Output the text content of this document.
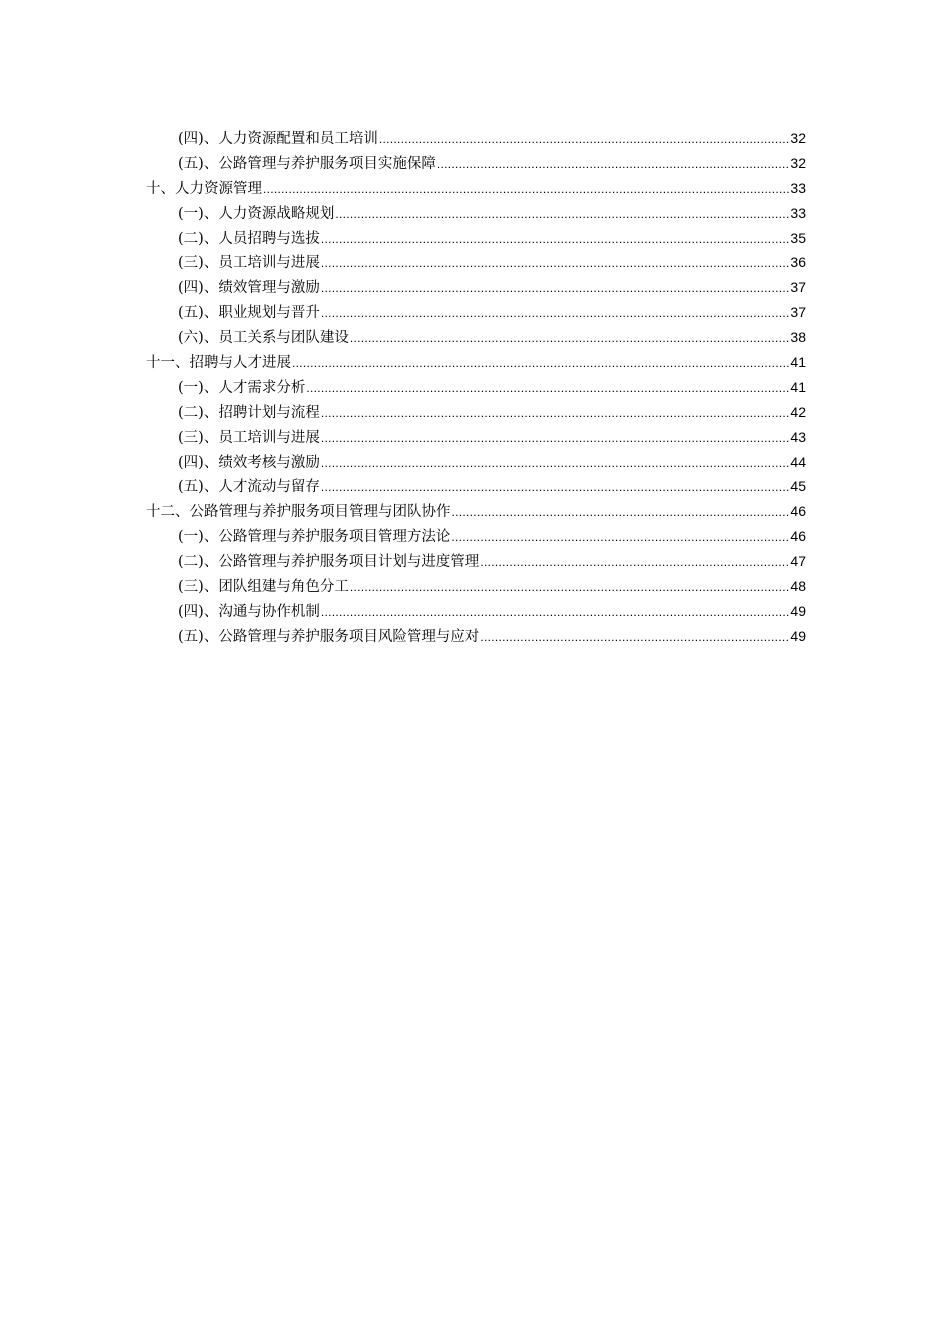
(四)、人力资源配置和员工培训 .....	32
(五)、公路管理与养护服务项目实施保障 .....	32
十、人力资源管理 .....	33
(一)、人力资源战略规划 .....	33
(二)、人员招聘与选拔 .....	35
(三)、员工培训与进展 .....	36
(四)、绩效管理与激励 .....	37
(五)、职业规划与晋升 .....	37
(六)、员工关系与团队建设 .....	38
十一、招聘与人才进展 .....	41
(一)、人才需求分析 .....	41
(二)、招聘计划与流程 .....	42
(三)、员工培训与进展 .....	43
(四)、绩效考核与激励 .....	44
(五)、人才流动与留存 .....	45
十二、公路管理与养护服务项目管理与团队协作 .....	46
(一)、公路管理与养护服务项目管理方法论 .....	46
(二)、公路管理与养护服务项目计划与进度管理 .....	47
(三)、团队组建与角色分工 .....	48
(四)、沟通与协作机制 .....	49
(五)、公路管理与养护服务项目风险管理与应对 .....	49
